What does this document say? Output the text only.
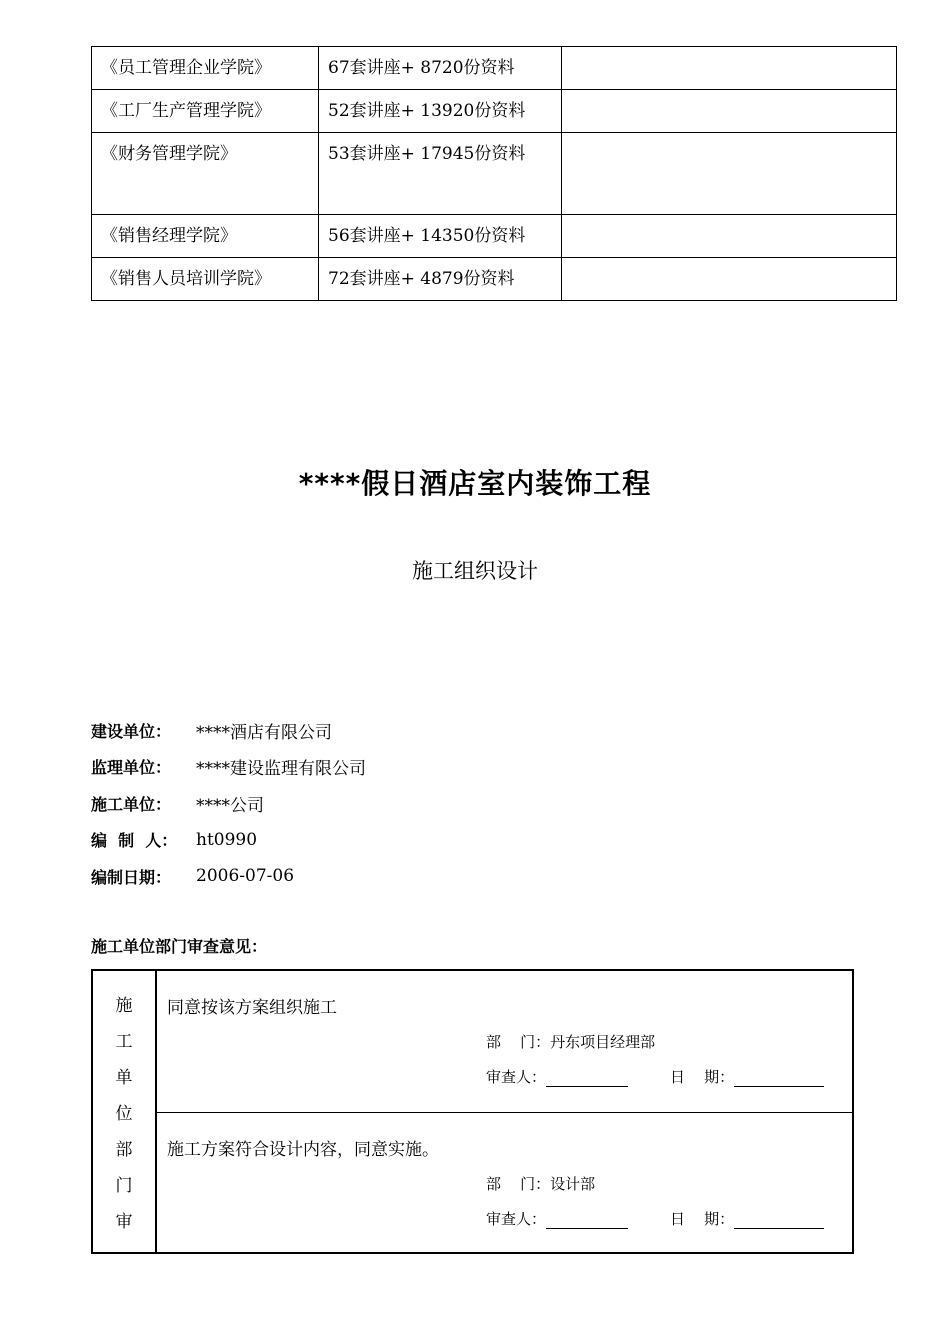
《员工管理企业学院》	67套讲座+ 8720份资料	
《工厂生产管理学院》	52套讲座+ 13920份资料	
《财务管理学院》	53套讲座+ 17945份资料	

《销售经理学院》	56套讲座+ 14350份资料	
《销售人员培训学院》	72套讲座+ 4879份资料	
****假日酒店室内装饰工程
施工组织设计
建设单位：	****酒店有限公司
监理单位：	****建设监理有限公司
施工单位：	****公司
编  制  人：	ht0990
编制日期：	2006-07-06
施工单位部门审查意见：
施
工
单
位
部
门
审
同意按该方案组织施工
部    门：丹东项目经理部
审查人：	日    期：
施工方案符合设计内容，同意实施。
部    门：设计部
审查人：	日    期：
